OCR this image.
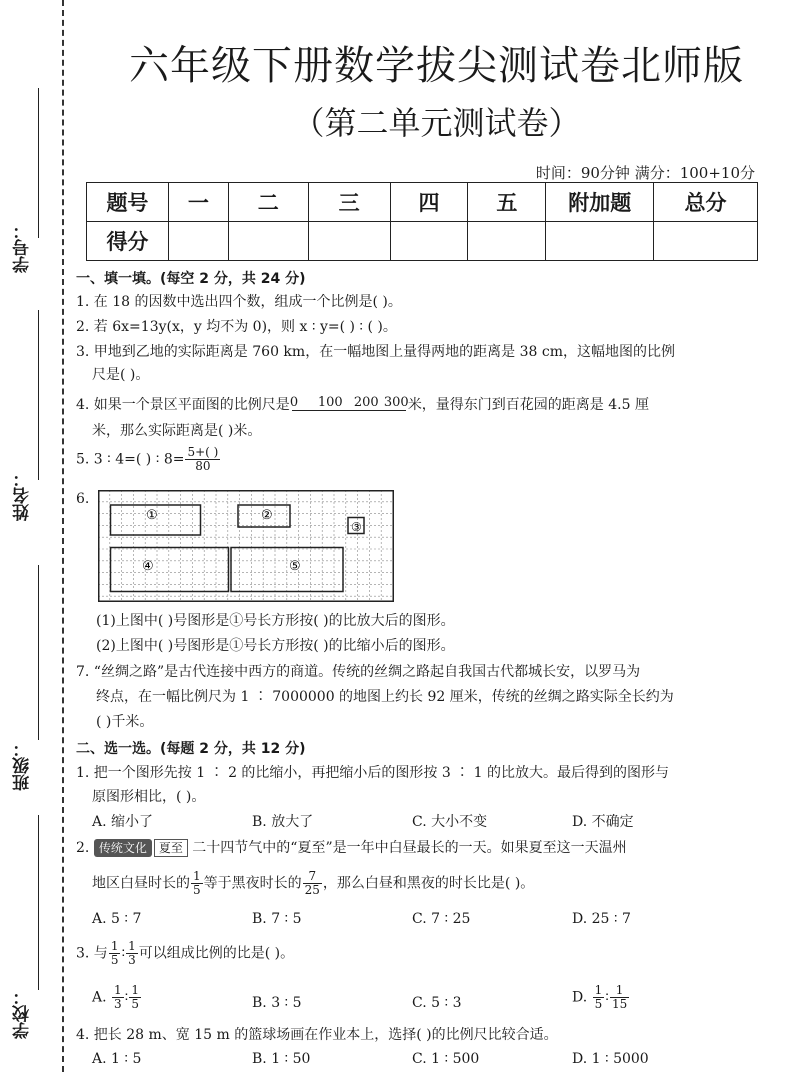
学号：
姓名：
班级：
学校：
六年级下册数学拔尖测试卷北师版
（第二单元测试卷）
时间：90分钟 满分：100+10分
题号	一	二	三	四	五	附加题	总分
得分							
一、填一填。(每空 2 分，共 24 分)
1. 在 18 的因数中选出四个数，组成一个比例是( )。
2. 若 6x=13y(x，y 均不为 0)，则 x ∶ y=( ) ∶ ( )。
3. 甲地到乙地的实际距离是 760 km，在一幅地图上量得两地的距离是 38 cm，这幅地图的比例
尺是( )。
4. 如果一个景区平面图的比例尺是 0 100 200 300 米，量得东门到百花园的距离是 4.5 厘
米，那么实际距离是( )米。
5. 3 ∶ 4=( ) ∶ $8= \frac{5+( )}{80}$
6.
(1)上图中( )号图形是①号长方形按( )的比放大后的图形。
(2)上图中( )号图形是①号长方形按( )的比缩小后的图形。
7. “丝绸之路”是古代连接中西方的商道。传统的丝绸之路起自我国古代都城长安，以罗马为
终点，在一幅比例尺为 1 ∶ 7000000 的地图上约长 92 厘米，传统的丝绸之路实际全长约为
( )千米。
二、选一选。(每题 2 分，共 12 分)
1. 把一个图形先按 1 ∶ 2 的比缩小，再把缩小后的图形按 3 ∶ 1 的比放大。最后得到的图形与
原图形相比，( )。
A. 缩小了	B. 放大了	C. 大小不变	D. 不确定
2. 传统文化 夏至 二十四节气中的“夏至”是一年中白昼最长的一天。如果夏至这一天温州
地区白昼时长的 $\frac{1}{5}$ 等于黑夜时长的 $\frac{7}{25}$ ，那么白昼和黑夜的时长比是( )。
A. 5 ∶ 7	B. 7 ∶ 5	C. 7 ∶ 25	D. 25 ∶ 7
3. 与 $\frac{1}{5}$ ∶ $\frac{1}{3}$ 可以组成比例的比是( )。
A. $\frac{1}{3}$ ∶ $\frac{1}{5}$	B. 3 ∶ 5	C. 5 ∶ 3	D. $\frac{1}{5}$ ∶ $\frac{1}{15}$
4. 把长 28 m、宽 15 m 的篮球场画在作业本上，选择( )的比例尺比较合适。
A. 1 ∶ 5	B. 1 ∶ 50	C. 1 ∶ 500	D. 1 ∶ 5000
①	②
③
④	⑤
